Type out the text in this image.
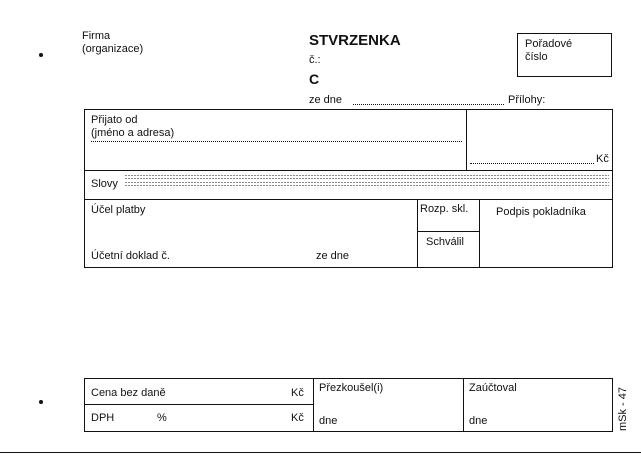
Firma
(organizace)	STVRZENKA
č.:
C
ze dne	Přílohy:
Pořadové
číslo
Přijato od
(jméno a adresa)
Kč
Slovy
Účel platby	Rozp. skl.
Schválil
Podpis pokladníka
Účetní doklad č.	ze dne
Cena bez daně	Kč
DPH	%	Kč
Přezkoušel(i)
dne
Zaúčtoval
dne	mSk - 47
